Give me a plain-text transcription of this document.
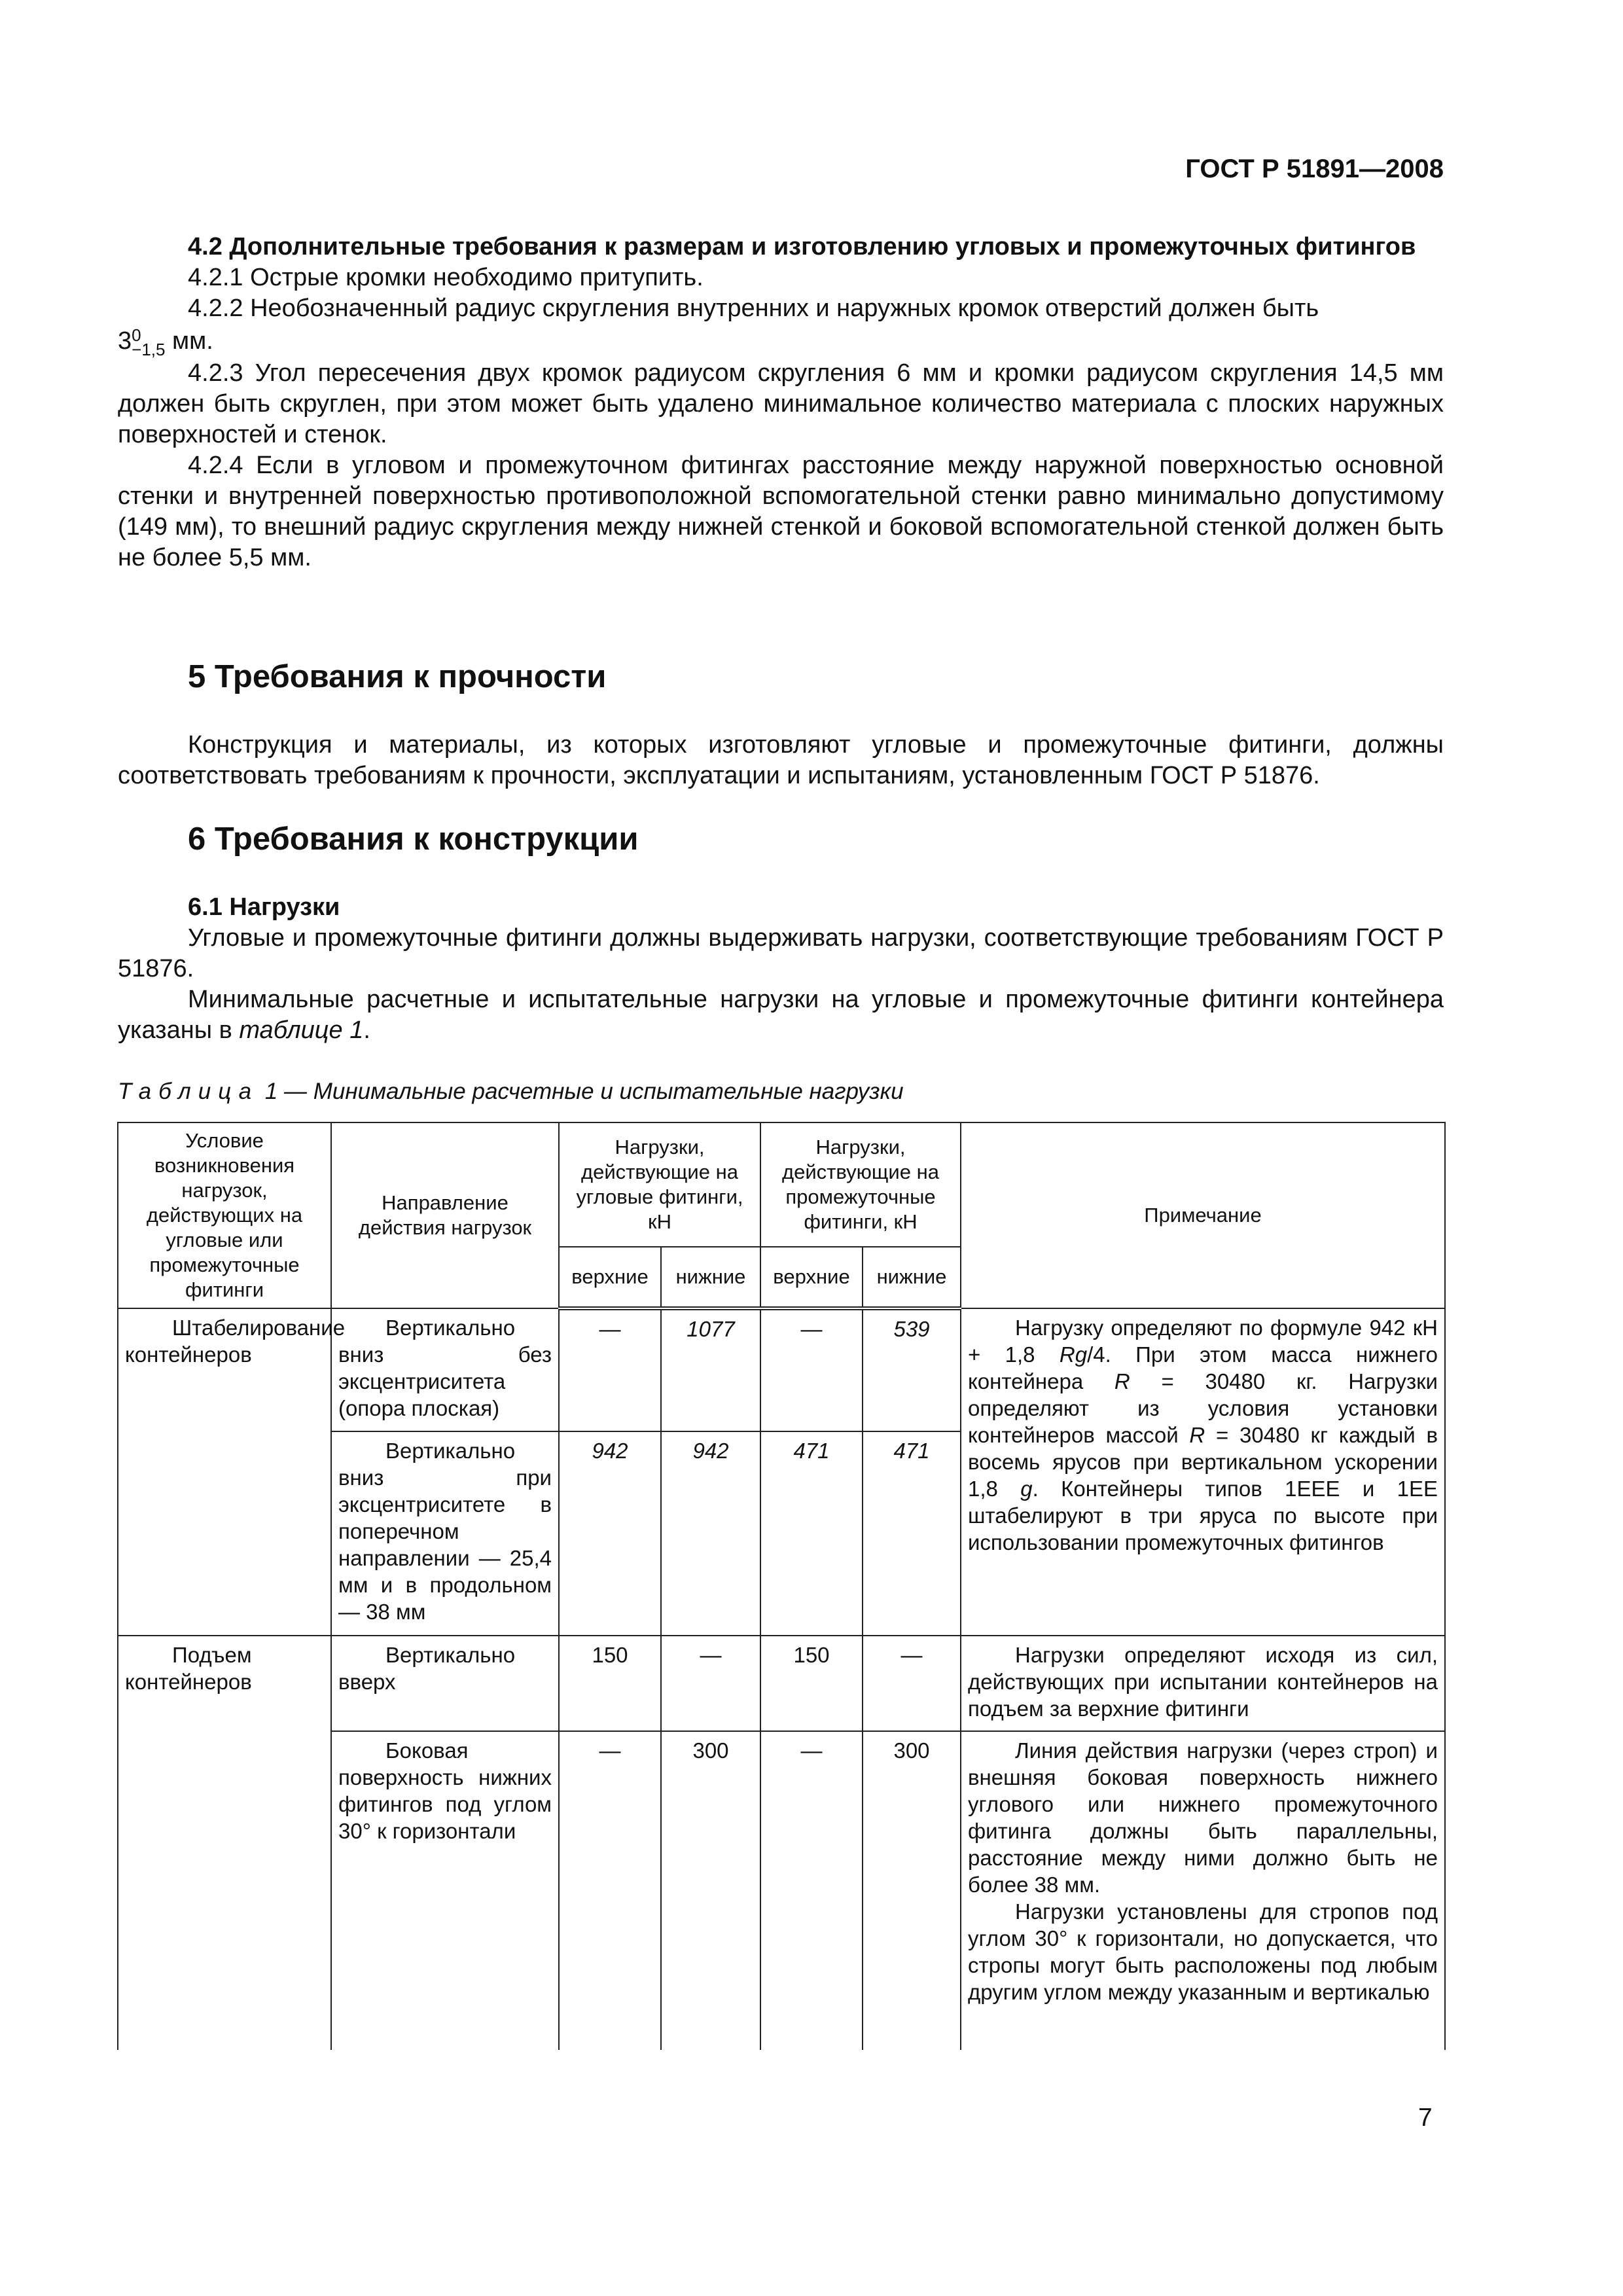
ГОСТ Р 51891—2008

4.2 Дополнительные требования к размерам и изготовлению угловых и промежуточных фитингов

4.2.1 Острые кромки необходимо притупить.

4.2.2 Необозначенный радиус скругления внутренних и наружных кромок отверстий должен быть

3 0
−1,5 мм.

4.2.3 Угол пересечения двух кромок радиусом скругления 6 мм и кромки радиусом скругления 14,5 мм должен быть скруглен, при этом может быть удалено минимальное количество материала с плоских наружных поверхностей и стенок.

4.2.4 Если в угловом и промежуточном фитингах расстояние между наружной поверхностью основной стенки и внутренней поверхностью противоположной вспомогательной стенки равно минимально допустимому (149 мм), то внешний радиус скругления между нижней стенкой и боковой вспомогательной стенкой должен быть не более 5,5 мм.

5 Требования к прочности

Конструкция и материалы, из которых изготовляют угловые и промежуточные фитинги, должны соответствовать требованиям к прочности, эксплуатации и испытаниям, установленным ГОСТ Р 51876.

6 Требования к конструкции

6.1 Нагрузки

Угловые и промежуточные фитинги должны выдерживать нагрузки, соответствующие требованиям ГОСТ Р 51876.

Минимальные расчетные и испытательные нагрузки на угловые и промежуточные фитинги контейнера указаны в таблице 1.

Таблица 1 — Минимальные расчетные и испытательные нагрузки
Условие возникновения нагрузок, действующих на угловые или промежуточные фитинги	Направление действия нагрузок	Нагрузки, действующие на угловые фитинги, кН		Нагрузки, действующие на промежуточные фитинги, кН		Примечание
		верхние	нижние	верхние	нижние	
Штабелирование контейнеров	Вертикально вниз без эксцентриситета (опора плоская)	—	1077	—	539	Нагрузку определяют по формуле 942 кН + 1,8 Rg/4. При этом масса нижнего контейнера R = 30480 кг. Нагрузки определяют из условия установки контейнеров массой R = 30480 кг каждый в восемь ярусов при вертикальном ускорении 1,8 g. Контейнеры типов 1ЕЕЕ и 1ЕЕ штабелируют в три яруса по высоте при использовании промежуточных фитингов
	Вертикально вниз при эксцентриситете в поперечном направлении — 25,4 мм и в продольном — 38 мм	942	942	471	471	
Подъем контейнеров	Вертикально вверх	150	—	150	—	Нагрузки определяют исходя из сил, действующих при испытании контейнеров на подъем за верхние фитинги
	Боковая поверхность нижних фитингов под углом 30° к горизонтали	—	300	—	300	Линия действия нагрузки (через строп) и внешняя боковая поверхность нижнего углового или нижнего промежуточного фитинга должны быть параллельны, расстояние между ними должно быть не более 38 мм.
Нагрузки установлены для стропов под углом 30° к горизонтали, но допускается, что стропы могут быть расположены под любым другим углом между указанным и вертикалью
7
